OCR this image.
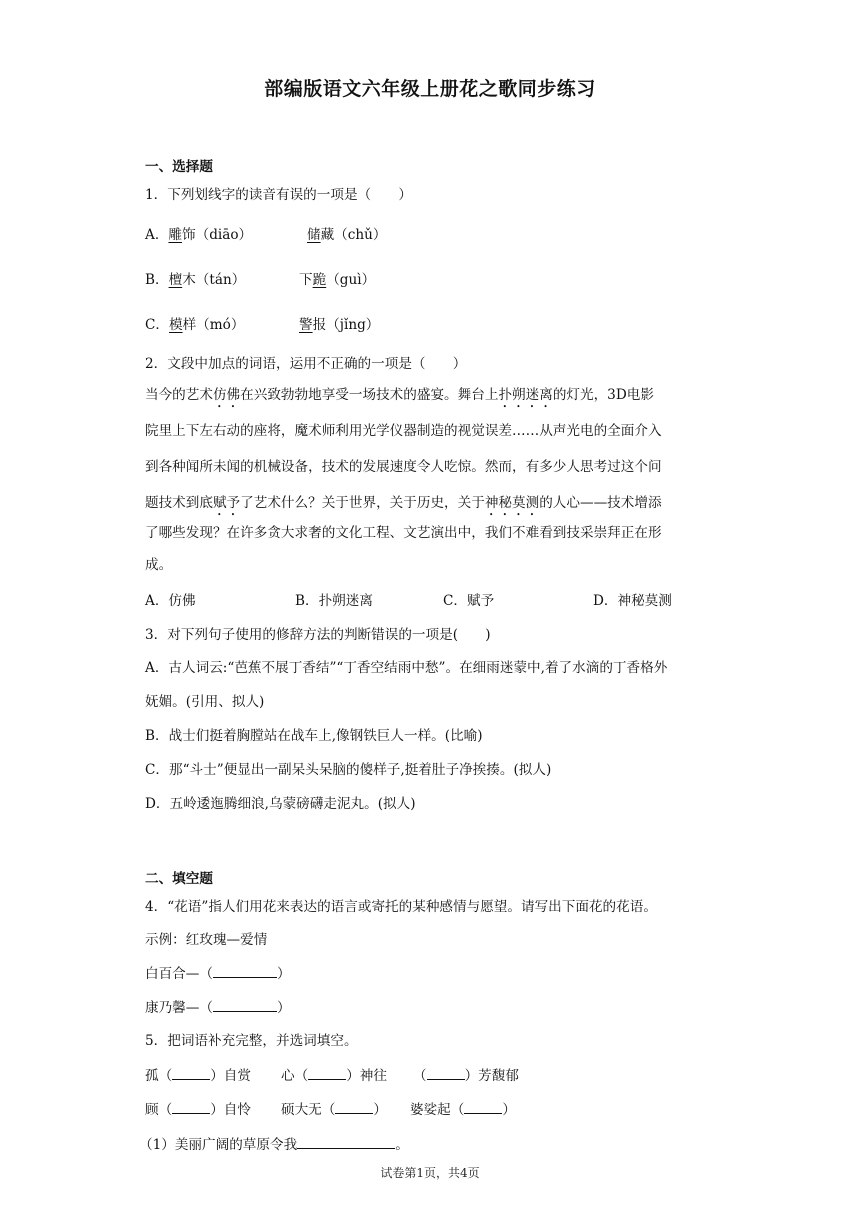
部编版语文六年级上册花之歌同步练习
一、选择题
1．下列划线字的读音有误的一项是（　　）
A．雕饰（diāo）	储藏（chǔ）
B．檀木（tán）	下跪（guì）
C．模样（mó）	警报（jǐng）
2．文段中加点的词语，运用不正确的一项是（　　）
当今的艺术仿佛在兴致勃勃地享受一场技术的盛宴。舞台上扑朔迷离的灯光，3D电影
院里上下左右动的座将，魔术师利用光学仪器制造的视觉误差……从声光电的全面介入
到各种闻所未闻的机械设备，技术的发展速度令人吃惊。然而，有多少人思考过这个问
题技术到底赋予了艺术什么？关于世界，关于历史，关于神秘莫测的人心——技术增添
了哪些发现？在许多贪大求奢的文化工程、文艺演出中，我们不难看到技采崇拜正在形
成。
A．仿佛	B．扑朔迷离	C．赋予	D．神秘莫测
3．对下列句子使用的修辞方法的判断错误的一项是(　　)
A．古人词云:“芭蕉不展丁香结”“丁香空结雨中愁”。在细雨迷蒙中,着了水滴的丁香格外
妩媚。(引用、拟人)
B．战士们挺着胸膛站在战车上,像钢铁巨人一样。(比喻)
C．那“斗士”便显出一副呆头呆脑的傻样子,挺着肚子净挨揍。(拟人)
D．五岭逶迤腾细浪,乌蒙磅礴走泥丸。(拟人)
二、填空题
4．“花语”指人们用花来表达的语言或寄托的某种感情与愿望。请写出下面花的花语。
示例：红玫瑰—爱情
白百合—（	）
康乃馨—（	）
5．把词语补充完整，并选词填空。
孤（	）自赏 心（	）神往 （	）芳馥郁
顾（	）自怜 硕大无（	） 婆娑起（	）
（1）美丽广阔的草原令我	。
试卷第1页，共4页
